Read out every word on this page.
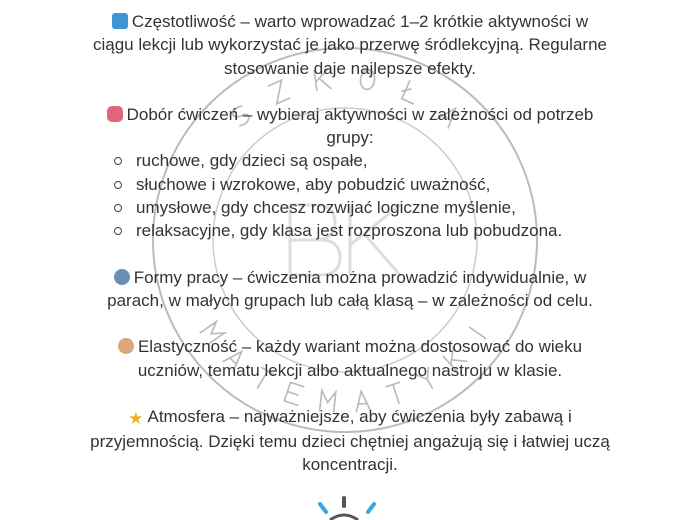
Częstotliwość – warto wprowadzać 1–2 krótkie aktywności w ciągu lekcji lub wykorzystać je jako przerwę śródlekcyjną. Regularne stosowanie daje najlepsze efekty.
Dobór ćwiczeń – wybieraj aktywności w zależności od potrzeb grupy:
ruchowe, gdy dzieci są ospałe,
słuchowe i wzrokowe, aby pobudzić uważność,
umysłowe, gdy chcesz rozwijać logiczne myślenie,
relaksacyjne, gdy klasa jest rozproszona lub pobudzona.
Formy pracy – ćwiczenia można prowadzić indywidualnie, w parach, w małych grupach lub całą klasą – w zależności od celu.
Elastyczność – każdy wariant można dostosować do wieku uczniów, tematu lekcji albo aktualnego nastroju w klasie.
★ Atmosfera – najważniejsze, aby ćwiczenia były zabawą i przyjemnością. Dzięki temu dzieci chętniej angażują się i łatwiej uczą koncentracji.
